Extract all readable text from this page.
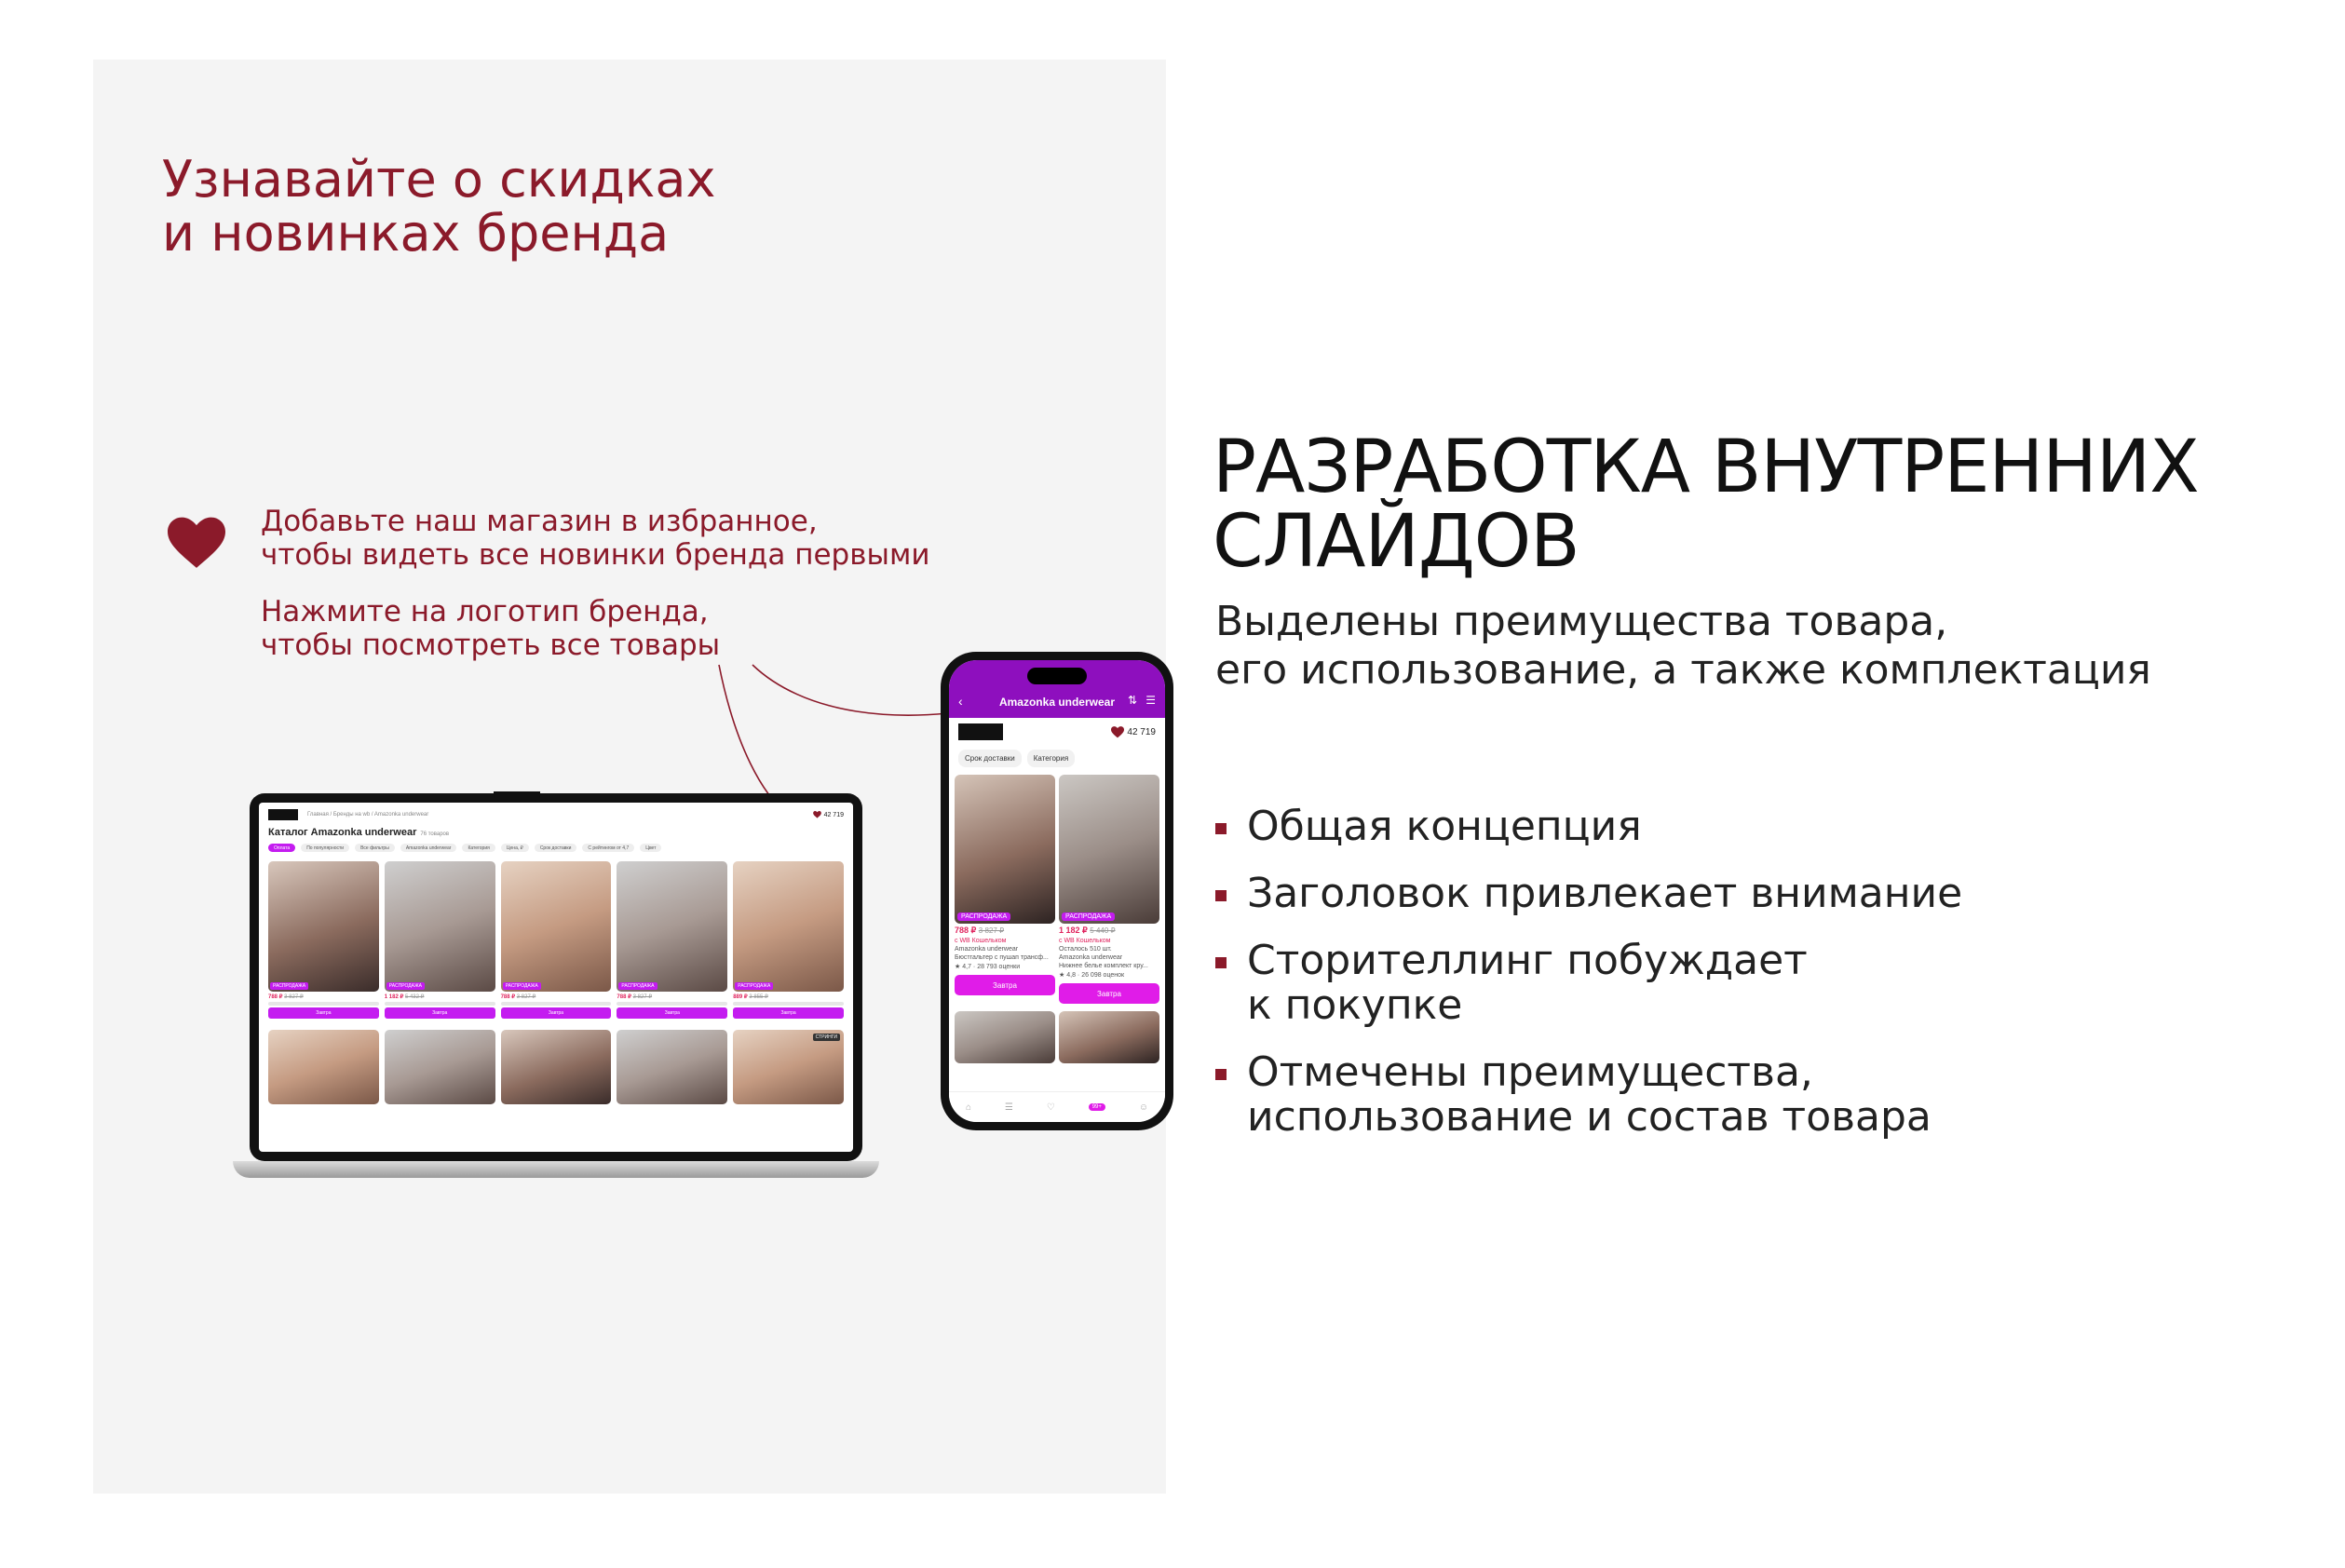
Узнавайте о скидках
и новинках бренда
Добавьте наш магазин в избранное,
чтобы видеть все новинки бренда первыми
Нажмите на логотип бренда,
чтобы посмотреть все товары
Главная / Бренды на wb / Amazonka underwear	42 719
Каталог Amazonka underwear 76 товаров
Оплата	По популярности	Все фильтры	Amazonka underwear	Категория	Цена, ₽	Срок доставки	С рейтингом от 4,7	Цвет
РАСПРОДАЖА
788 ₽ 3 827 ₽
Завтра
РАСПРОДАЖА
1 182 ₽ 5 432 ₽
Завтра
РАСПРОДАЖА
788 ₽ 3 827 ₽
Завтра
РАСПРОДАЖА
788 ₽ 3 827 ₽
Завтра
РАСПРОДАЖА
889 ₽ 3 855 ₽
Завтра
СТРИНГИ
‹	Amazonka underwear	⇅ ☰
42 719
Срок доставки	Категория
РАСПРОДАЖА
788 ₽ 3 827 ₽
с WB Кошельком
Amazonka underwear
Бюстгальтер с пушап трансф...
★ 4,7 · 28 793 оценки
Завтра
РАСПРОДАЖА
1 182 ₽ 5 440 ₽
с WB Кошельком
Осталось 510 шт.
Amazonka underwear
Нижнее белье комплект кру...
★ 4,8 · 26 098 оценок
Завтра
⌂	☰	♡	99+	☺
РАЗРАБОТКА ВНУТРЕННИХ
СЛАЙДОВ
Выделены преимущества товара,
его использование, а также комплектация
Общая концепция
Заголовок привлекает внимание
Сторителлинг побуждает
к покупке
Отмечены преимущества,
использование и состав товара
